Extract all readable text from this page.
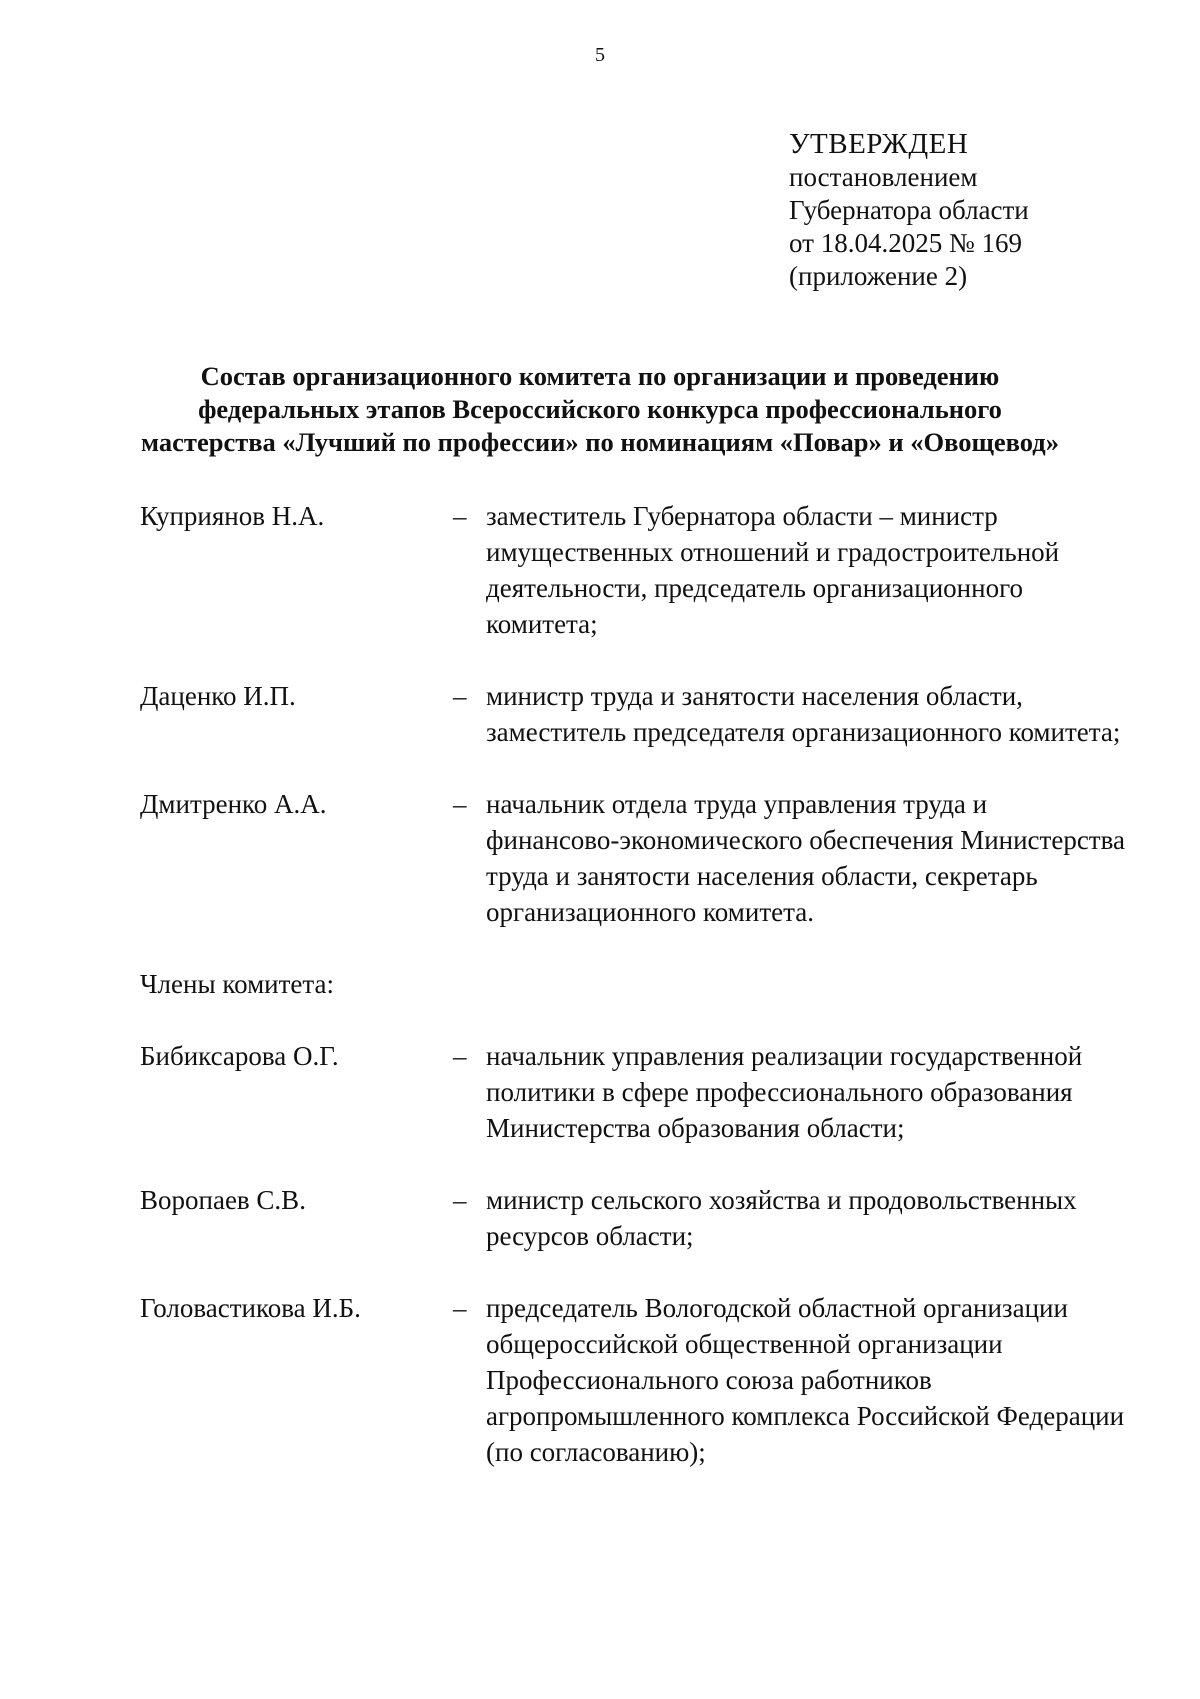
5
УТВЕРЖДЕН
постановлением
Губернатора области
от 18.04.2025 № 169
(приложение 2)
Состав организационного комитета по организации и проведению
федеральных этапов Всероссийского конкурса профессионального
мастерства «Лучший по профессии» по номинациям «Повар» и «Овощевод»
Куприянов Н.А.	– заместитель Губернатора области – министр имущественных отношений и градостроительной деятельности, председатель организационного комитета;
Даценко И.П.	– министр труда и занятости населения области, заместитель председателя организационного комитета;
Дмитренко А.А.	– начальник отдела труда управления труда и финансово-экономического обеспечения Министерства труда и занятости населения области, секретарь организационного комитета.
Члены комитета:
Бибиксарова О.Г.	– начальник управления реализации государственной политики в сфере профессионального образования Министерства образования области;
Воропаев С.В.	– министр сельского хозяйства и продовольственных ресурсов области;
Головастикова И.Б.	– председатель Вологодской областной организации общероссийской общественной организации Профессионального союза работников агропромышленного комплекса Российской Федерации (по согласованию);
